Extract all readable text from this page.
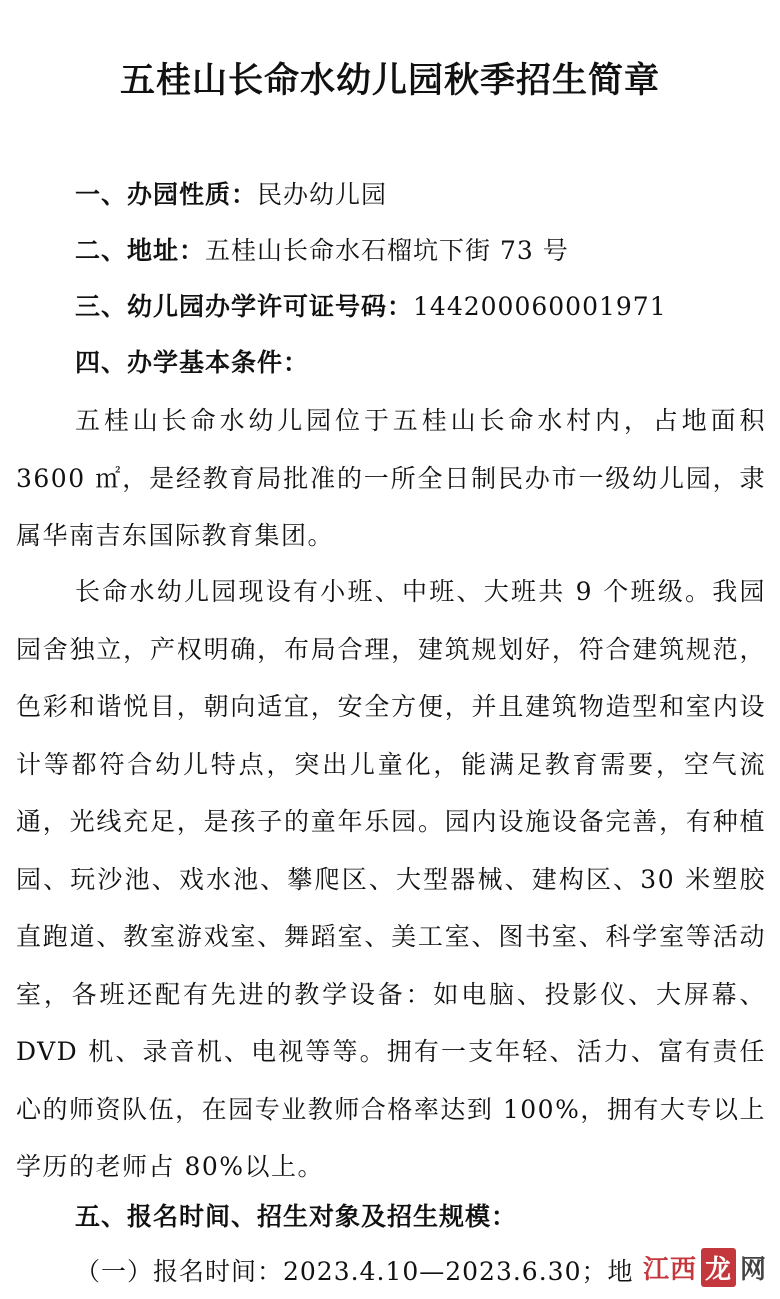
五桂山长命水幼儿园秋季招生简章
一、办园性质：民办幼儿园
二、地址：五桂山长命水石榴坑下街 73 号
三、幼儿园办学许可证号码：144200060001971
四、办学基本条件：

五桂山长命水幼儿园位于五桂山长命水村内，占地面积3600 ㎡，是经教育局批准的一所全日制民办市一级幼儿园，隶属华南吉东国际教育集团。

长命水幼儿园现设有小班、中班、大班共 9 个班级。我园园舍独立，产权明确，布局合理，建筑规划好，符合建筑规范，色彩和谐悦目，朝向适宜，安全方便，并且建筑物造型和室内设计等都符合幼儿特点，突出儿童化，能满足教育需要，空气流通，光线充足，是孩子的童年乐园。园内设施设备完善，有种植园、玩沙池、戏水池、攀爬区、大型器械、建构区、30 米塑胶直跑道、教室游戏室、舞蹈室、美工室、图书室、科学室等活动室，各班还配有先进的教学设备：如电脑、投影仪、大屏幕、DVD 机、录音机、电视等等。拥有一支年轻、活力、富有责任心的师资队伍，在园专业教师合格率达到 100%，拥有大专以上学历的老师占 80%以上。

五、报名时间、招生对象及招生规模：
（一）报名时间：2023.4.10—2023.6.30；地 江西 龙 网
